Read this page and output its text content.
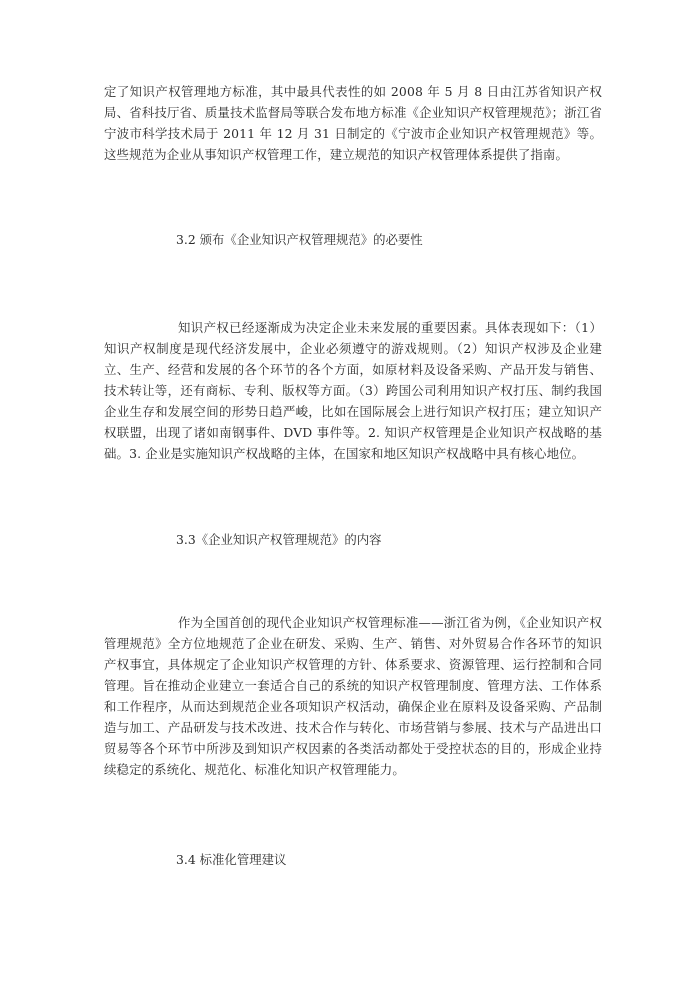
定了知识产权管理地方标准，其中最具代表性的如 2008 年 5 月 8 日由江苏省知识产权局、省科技厅省、质量技术监督局等联合发布地方标准《企业知识产权管理规范》；浙江省宁波市科学技术局于 2011 年 12 月 31 日制定的《宁波市企业知识产权管理规范》等。这些规范为企业从事知识产权管理工作，建立规范的知识产权管理体系提供了指南。

3.2 颁布《企业知识产权管理规范》的必要性

知识产权已经逐渐成为决定企业未来发展的重要因素。具体表现如下：（1）知识产权制度是现代经济发展中，企业必须遵守的游戏规则。（2）知识产权涉及企业建立、生产、经营和发展的各个环节的各个方面，如原材料及设备采购、产品开发与销售、技术转让等，还有商标、专利、版权等方面。（3）跨国公司利用知识产权打压、制约我国企业生存和发展空间的形势日趋严峻，比如在国际展会上进行知识产权打压；建立知识产权联盟，出现了诸如南钢事件、DVD 事件等。2. 知识产权管理是企业知识产权战略的基础。3. 企业是实施知识产权战略的主体，在国家和地区知识产权战略中具有核心地位。

3.3《企业知识产权管理规范》的内容

作为全国首创的现代企业知识产权管理标准——浙江省为例，《企业知识产权管理规范》全方位地规范了企业在研发、采购、生产、销售、对外贸易合作各环节的知识产权事宜，具体规定了企业知识产权管理的方针、体系要求、资源管理、运行控制和合同管理。旨在推动企业建立一套适合自己的系统的知识产权管理制度、管理方法、工作体系和工作程序，从而达到规范企业各项知识产权活动，确保企业在原料及设备采购、产品制造与加工、产品研发与技术改进、技术合作与转化、市场营销与参展、技术与产品进出口贸易等各个环节中所涉及到知识产权因素的各类活动都处于受控状态的目的，形成企业持续稳定的系统化、规范化、标准化知识产权管理能力。

3.4 标准化管理建议
